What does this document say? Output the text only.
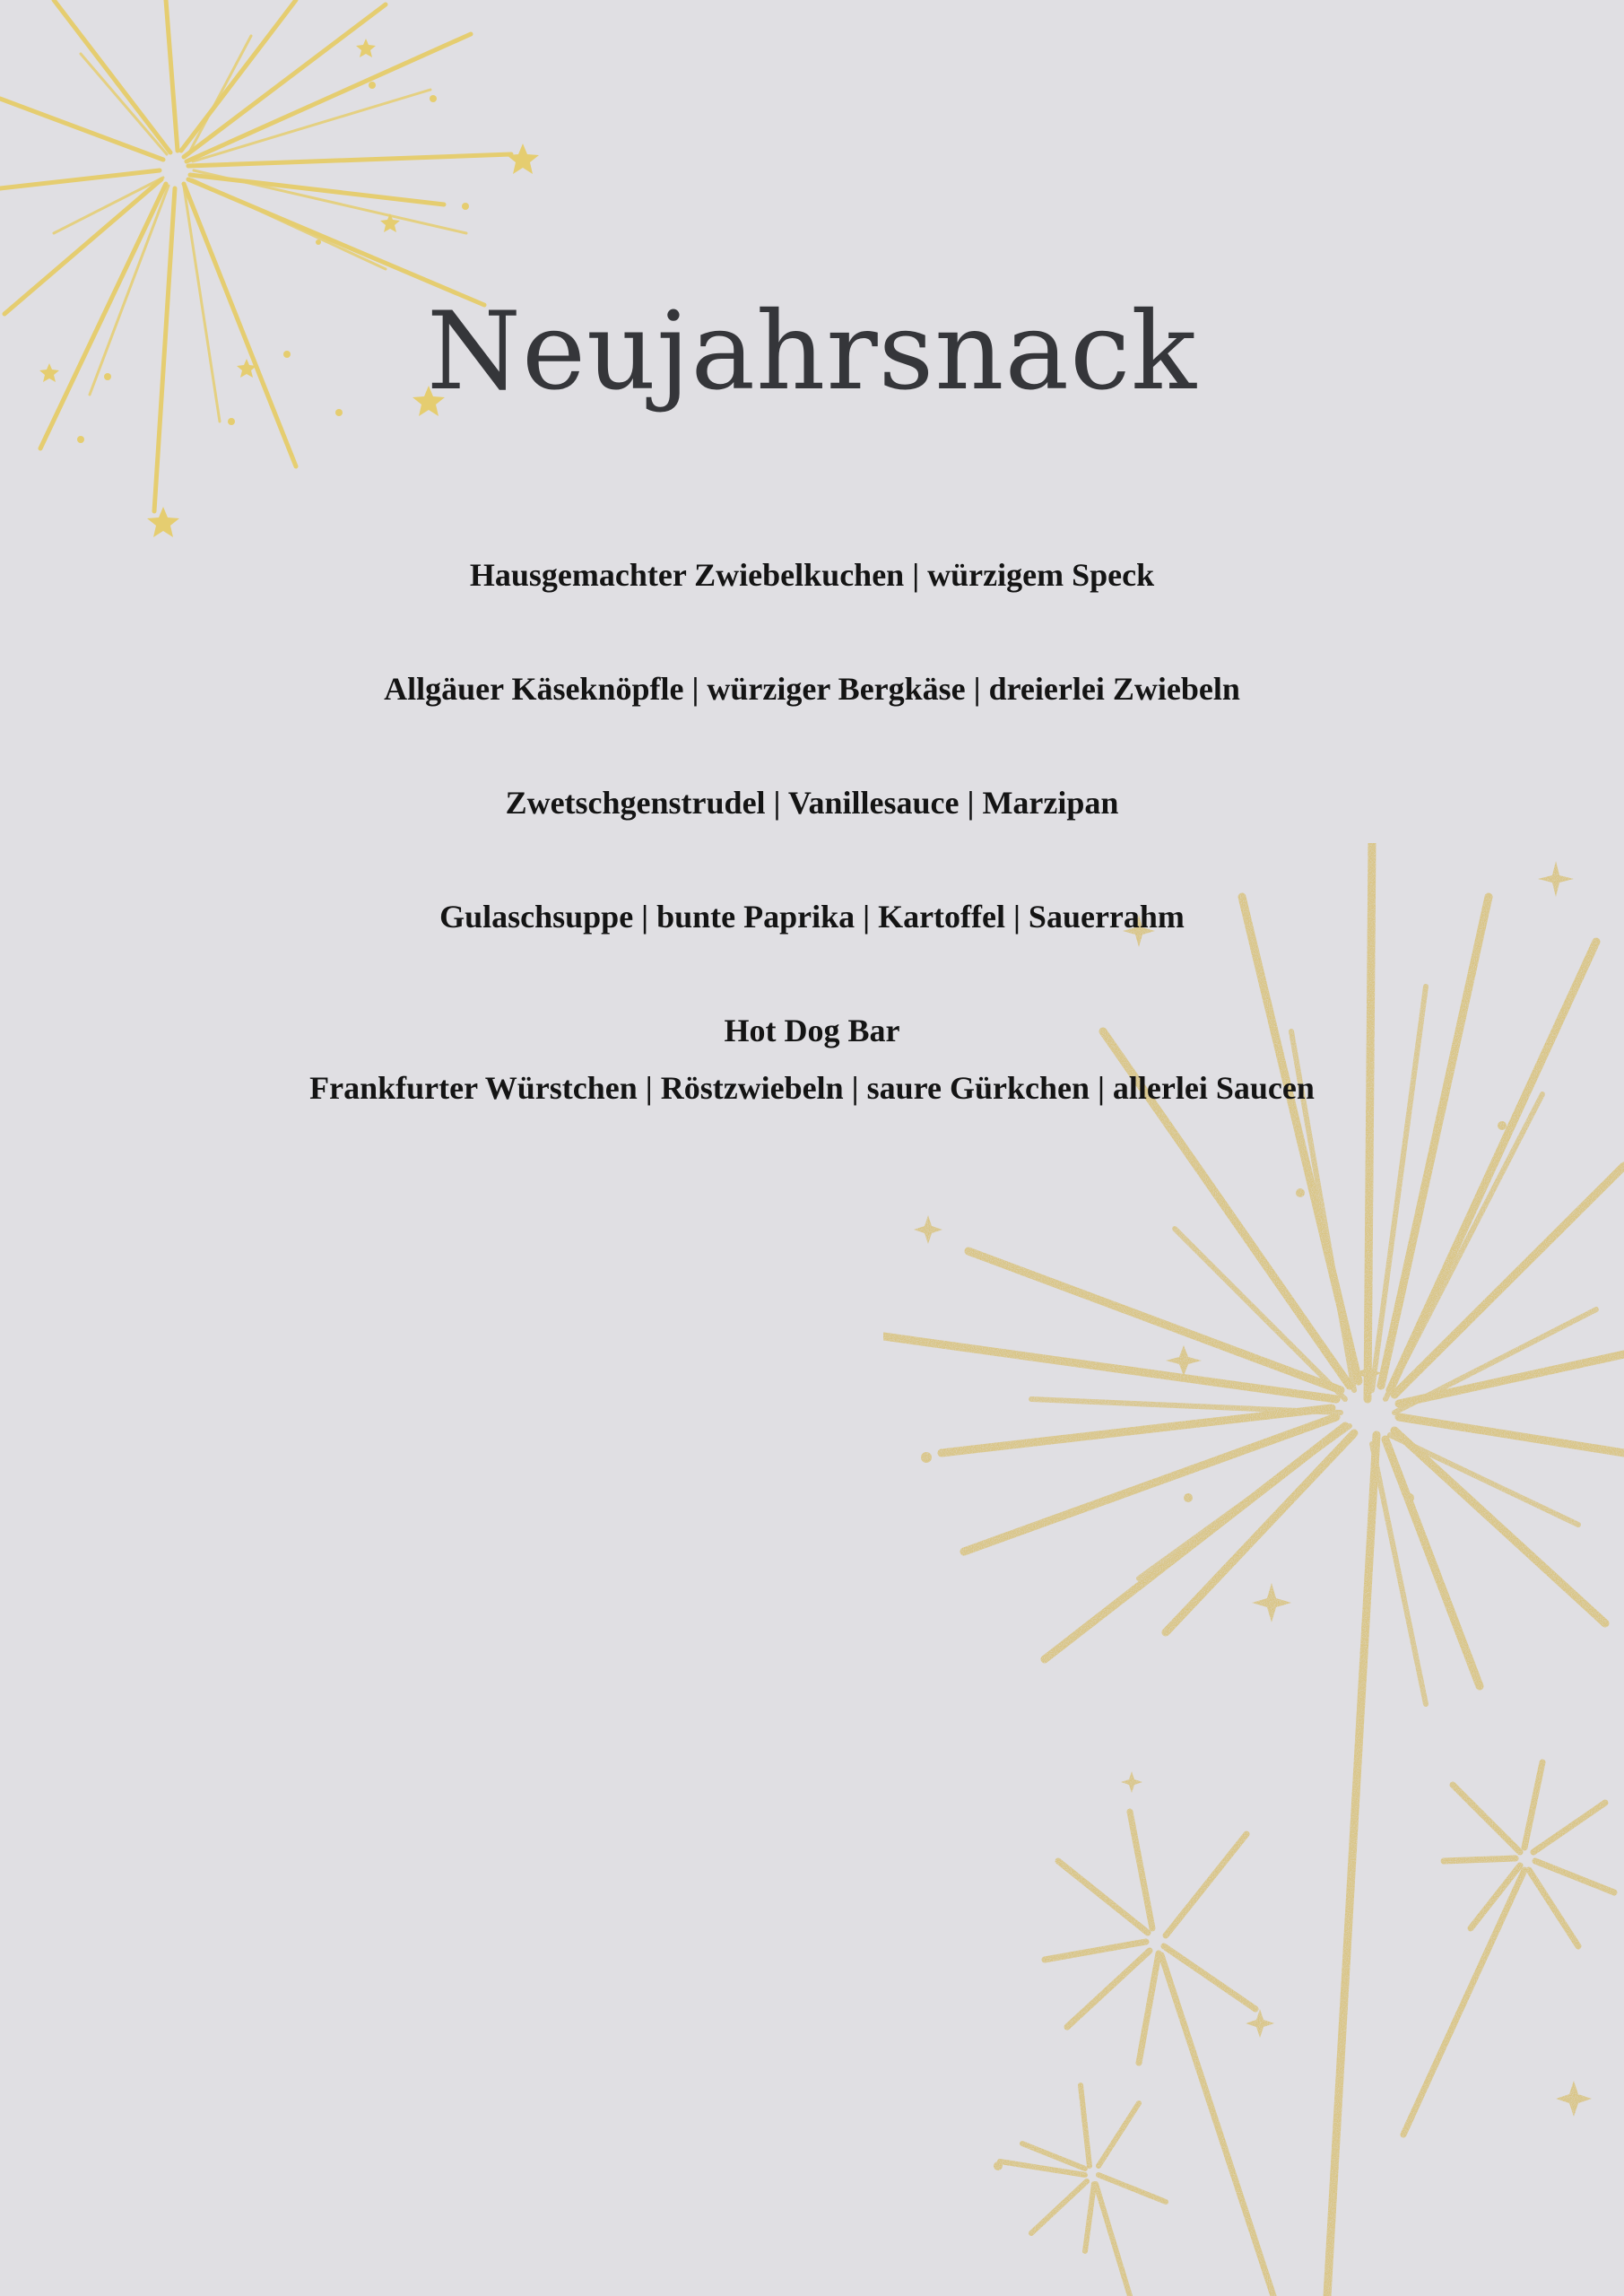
Neujahrsnack
Hausgemachter Zwiebelkuchen | würzigem Speck
Allgäuer Käseknöpfle | würziger Bergkäse | dreierlei Zwiebeln
Zwetschgenstrudel | Vanillesauce | Marzipan
Gulaschsuppe | bunte Paprika | Kartoffel | Sauerrahm
Hot Dog Bar
Frankfurter Würstchen | Röstzwiebeln | saure Gürkchen | allerlei Saucen
